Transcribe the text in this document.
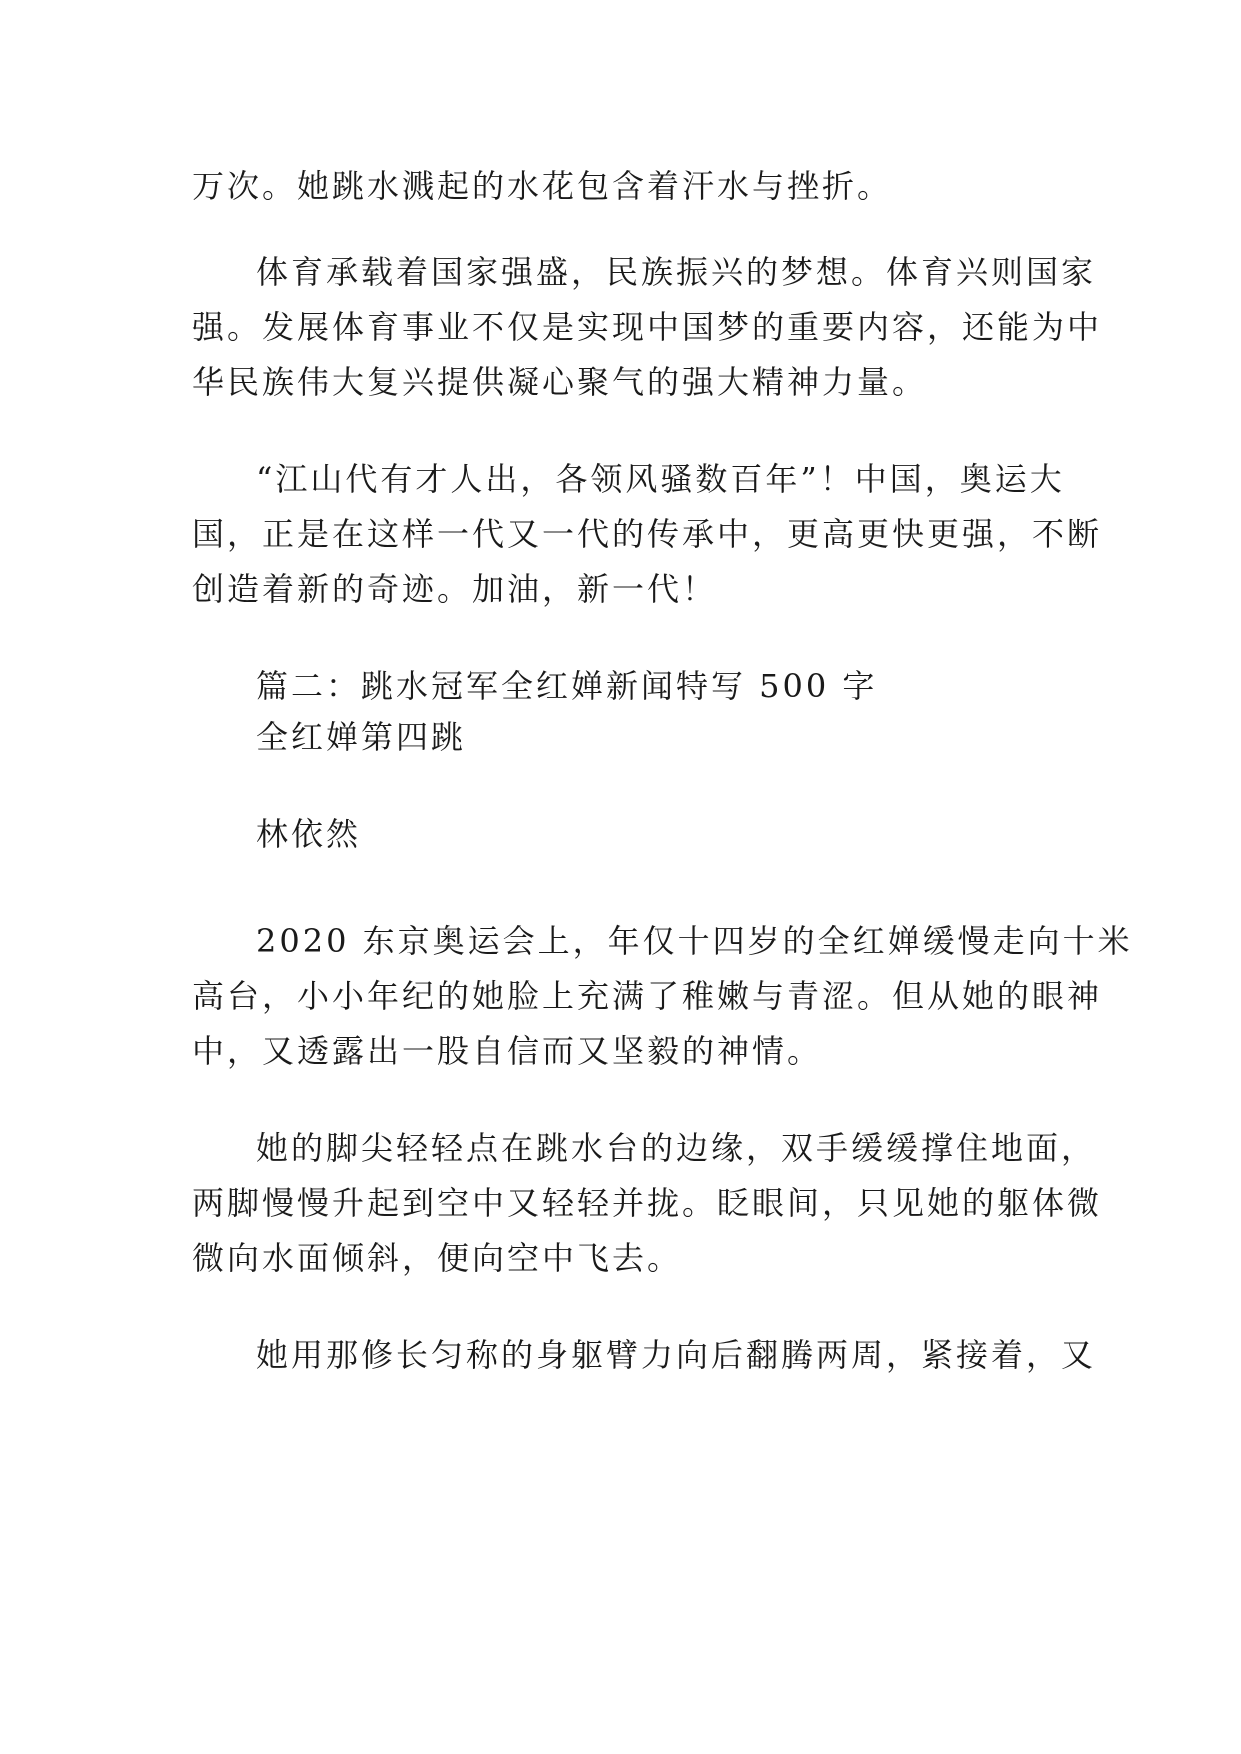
万次。她跳水溅起的水花包含着汗水与挫折。
体育承载着国家强盛，民族振兴的梦想。体育兴则国家
强。发展体育事业不仅是实现中国梦的重要内容，还能为中
华民族伟大复兴提供凝心聚气的强大精神力量。
“江山代有才人出，各领风骚数百年”！中国，奥运大
国，正是在这样一代又一代的传承中，更高更快更强，不断
创造着新的奇迹。加油，新一代！
篇二：跳水冠军全红婵新闻特写 500 字
全红婵第四跳
林依然
2020 东京奥运会上，年仅十四岁的全红婵缓慢走向十米
高台，小小年纪的她脸上充满了稚嫩与青涩。但从她的眼神
中，又透露出一股自信而又坚毅的神情。
她的脚尖轻轻点在跳水台的边缘，双手缓缓撑住地面，
两脚慢慢升起到空中又轻轻并拢。眨眼间，只见她的躯体微
微向水面倾斜，便向空中飞去。
她用那修长匀称的身躯臂力向后翻腾两周，紧接着，又
